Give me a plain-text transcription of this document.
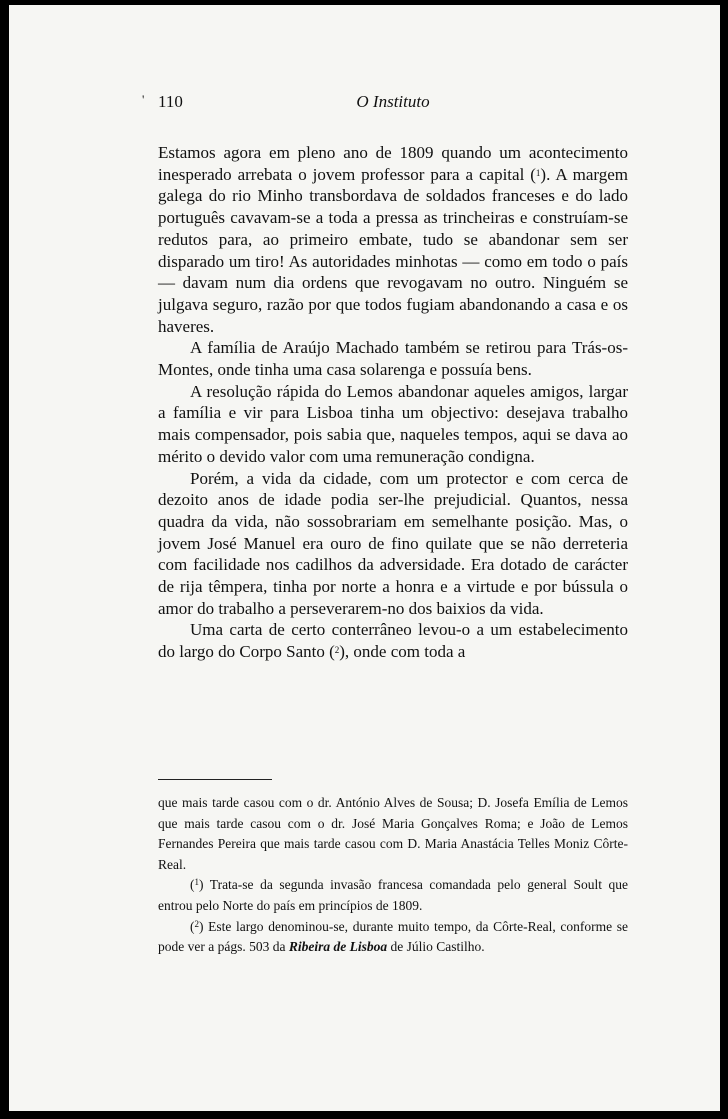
' 110	O Instituto

Estamos agora em pleno ano de 1809 quando um acontecimento inesperado arrebata o jovem professor para a capital ($^1$). A margem galega do rio Minho transbordava de soldados franceses e do lado português cavavam-se a toda a pressa as trincheiras e construíam-se redutos para, ao primeiro embate, tudo se abandonar sem ser disparado um tiro! As autoridades minhotas — como em todo o país — davam num dia ordens que revogavam no outro. Ninguém se julgava seguro, razão por que todos fugiam abandonando a casa e os haveres.

A família de Araújo Machado também se retirou para Trás-os-Montes, onde tinha uma casa solarenga e possuía bens.

A resolução rápida do Lemos abandonar aqueles amigos, largar a família e vir para Lisboa tinha um objectivo: desejava trabalho mais compensador, pois sabia que, naqueles tempos, aqui se dava ao mérito o devido valor com uma remuneração condigna.

Porém, a vida da cidade, com um protector e com cerca de dezoito anos de idade podia ser-lhe prejudicial. Quantos, nessa quadra da vida, não sossobrariam em semelhante posição. Mas, o jovem José Manuel era ouro de fino quilate que se não derreteria com facilidade nos cadilhos da adversidade. Era dotado de carácter de rija têmpera, tinha por norte a honra e a virtude e por bússula o amor do trabalho a perseverarem-no dos baixios da vida.

Uma carta de certo conterrâneo levou-o a um estabelecimento do largo do Corpo Santo ($^2$), onde com toda a

que mais tarde casou com o dr. António Alves de Sousa; D. Josefa Emília de Lemos que mais tarde casou com o dr. José Maria Gonçalves Roma; e João de Lemos Fernandes Pereira que mais tarde casou com D. Maria Anastácia Telles Moniz Côrte-Real.

($^1$) Trata-se da segunda invasão francesa comandada pelo general Soult que entrou pelo Norte do país em princípios de 1809.

($^2$) Este largo denominou-se, durante muito tempo, da Côrte-Real, conforme se pode ver a págs. 503 da Ribeira de Lisboa de Júlio Castilho.
